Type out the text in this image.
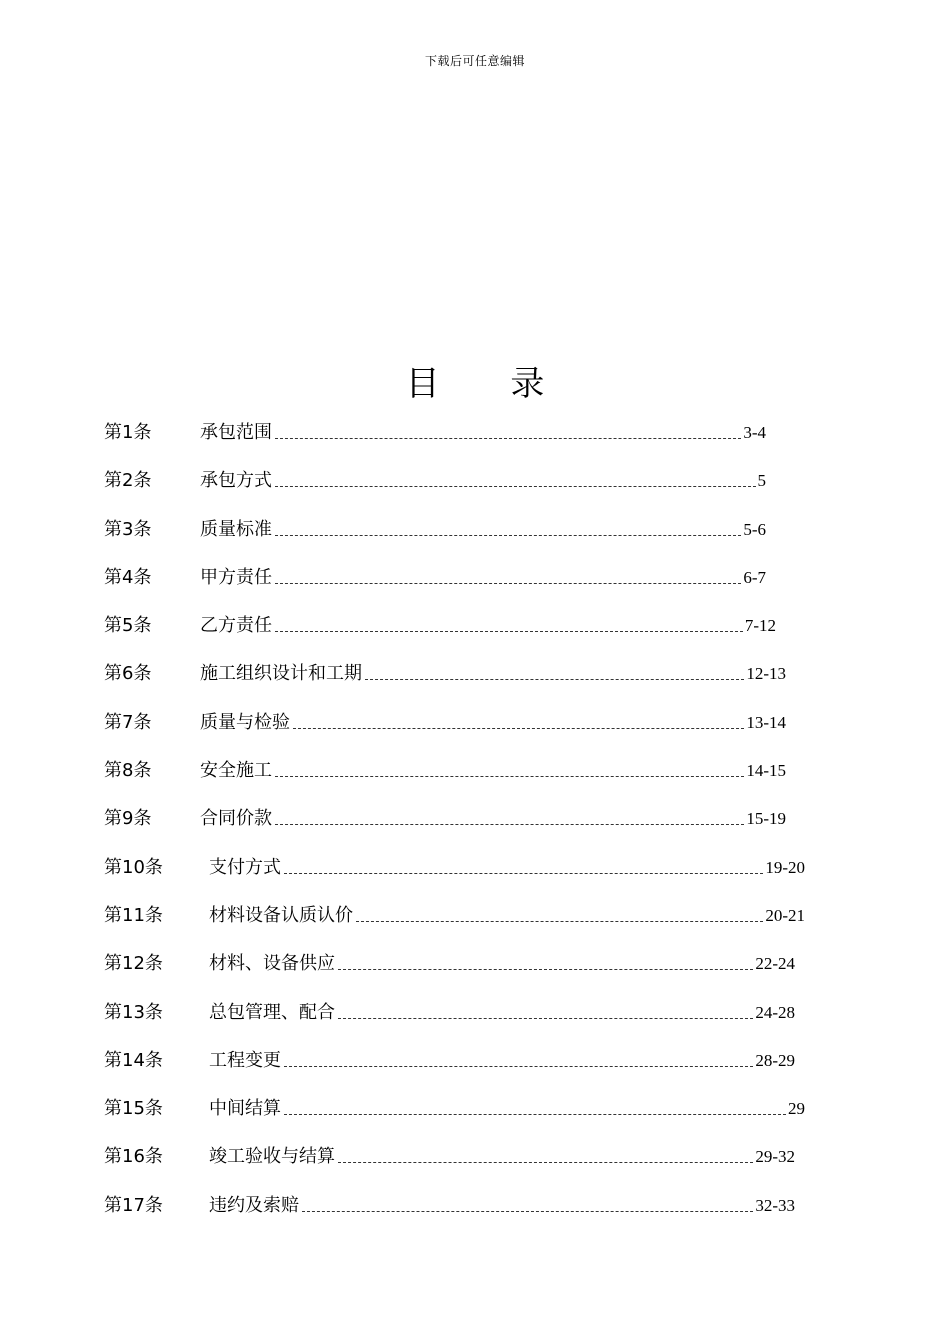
下载后可任意编辑
目 录
第1条	承包范围	3-4
第2条	承包方式	5
第3条	质量标准	5-6
第4条	甲方责任	6-7
第5条	乙方责任	7-12
第6条	施工组织设计和工期	12-13
第7条	质量与检验	13-14
第8条	安全施工	14-15
第9条	合同价款	15-19
第10条	支付方式	19-20
第11条	材料设备认质认价	20-21
第12条	材料、设备供应	22-24
第13条	总包管理、配合	24-28
第14条	工程变更	28-29
第15条	中间结算	29
第16条	竣工验收与结算	29-32
第17条	违约及索赔	32-33
